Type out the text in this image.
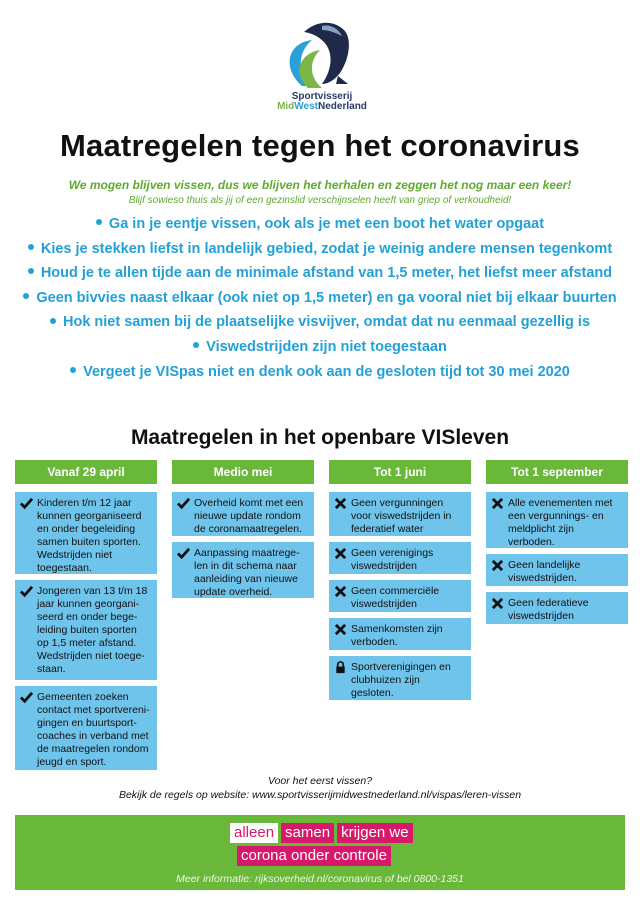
Sportvisserij
MidWestNederland
Maatregelen tegen het coronavirus
We mogen blijven vissen, dus we blijven het herhalen en zeggen het nog maar een keer!
Blijf sowieso thuis als jij of een gezinslid verschijnselen heeft van griep of verkoudheid!
Ga in je eentje vissen, ook als je met een boot het water opgaat
Kies je stekken liefst in landelijk gebied, zodat je weinig andere mensen tegenkomt
Houd je te allen tijde aan de minimale afstand van 1,5 meter, het liefst meer afstand
Geen bivvies naast elkaar (ook niet op 1,5 meter) en ga vooral niet bij elkaar buurten
Hok niet samen bij de plaatselijke visvijver, omdat dat nu eenmaal gezellig is
Viswedstrijden zijn niet toegestaan
Vergeet je VISpas niet en denk ook aan de gesloten tijd tot 30 mei 2020
Maatregelen in het openbare VISleven
Vanaf 29 april
Kinderen t/m 12 jaar kunnen georganiseerd en onder begeleiding samen buiten sporten. Wedstrijden niet toegestaan.
Jongeren van 13 t/m 18 jaar kunnen georgani-seerd en onder bege-leiding buiten sporten op 1,5 meter afstand. Wedstrijden niet toege-staan.
Gemeenten zoeken contact met sportvereni-gingen en buurtsport-coaches in verband met de maatregelen rondom jeugd en sport.
Medio mei
Overheid komt met een nieuwe update rondom de coronamaatregelen.
Aanpassing maatrege-len in dit schema naar aanleiding van nieuwe update overheid.
Tot 1 juni
Geen vergunningen voor viswedstrijden in federatief water
Geen verenigings viswedstrijden
Geen commerciële viswedstrijden
Samenkomsten zijn verboden.
Sportverenigingen en clubhuizen zijn gesloten.
Tot 1 september
Alle evenementen met een vergunnings- en meldplicht zijn verboden.
Geen landelijke viswedstrijden.
Geen federatieve viswedstrijden
Voor het eerst vissen?
Bekijk de regels op website: www.sportvisserijmidwestnederland.nl/vispas/leren-vissen
alleen samen krijgen we
corona onder controle
Meer informatie: rijksoverheid.nl/coronavirus of bel 0800-1351
